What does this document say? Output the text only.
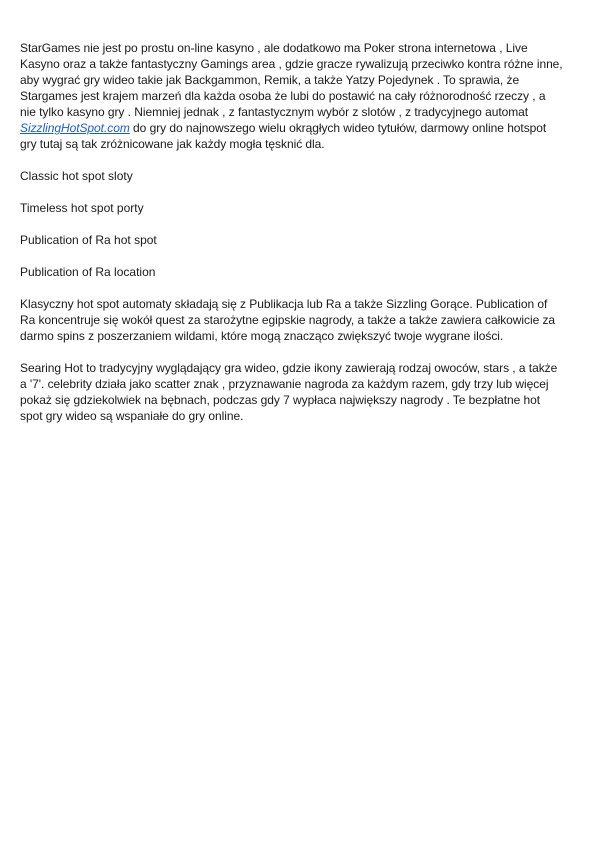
StarGames nie jest po prostu on-line kasyno , ale dodatkowo ma Poker strona internetowa , Live Kasyno oraz a także fantastyczny Gamings area , gdzie gracze rywalizują przeciwko kontra różne inne, aby wygrać gry wideo takie jak Backgammon, Remik, a także Yatzy Pojedynek . To sprawia, że Stargames jest krajem marzeń dla każda osoba że lubi do postawić na cały różnorodność rzeczy , a nie tylko kasyno gry . Niemniej jednak , z fantastycznym wybór z slotów , z tradycyjnego automat SizzlingHotSpot.com do gry do najnowszego wielu okrągłych wideo tytułów, darmowy online hotspot gry tutaj są tak zróżnicowane jak każdy mogła tęsknić dla.

Classic hot spot sloty

Timeless hot spot porty

Publication of Ra hot spot

Publication of Ra location

Klasyczny hot spot automaty składają się z Publikacja lub Ra a także Sizzling Gorące. Publication of Ra koncentruje się wokół quest za starożytne egipskie nagrody, a także a także zawiera całkowicie za darmo spins z poszerzaniem wildami, które mogą znacząco zwiększyć twoje wygrane ilości.

Searing Hot to tradycyjny wyglądający gra wideo, gdzie ikony zawierają rodzaj owoców, stars , a także a '7'. celebrity działa jako scatter znak , przyznawanie nagroda za każdym razem, gdy trzy lub więcej pokaż się gdziekolwiek na bębnach, podczas gdy 7 wypłaca największy nagrody . Te bezpłatne hot spot gry wideo są wspaniałe do gry online.
